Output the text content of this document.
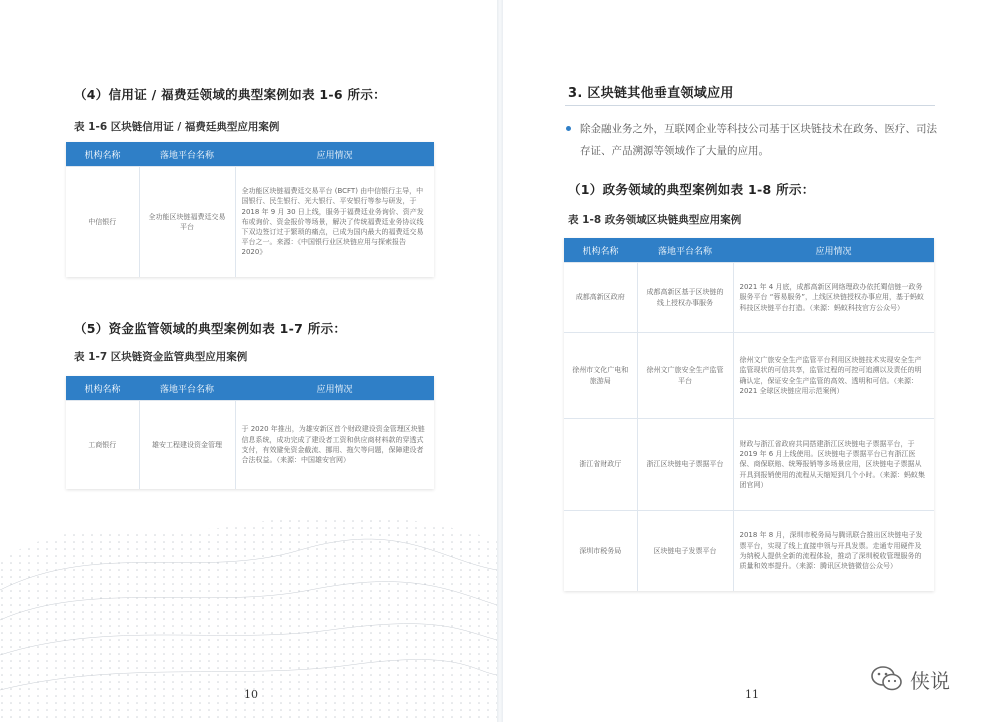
（4）信用证 / 福费廷领域的典型案例如表 1-6 所示：

表 1-6 区块链信用证 / 福费廷典型应用案例

机构名称	落地平台名称	应用情况
中信银行	全功能区块链福费廷交易平台	全功能区块链福费廷交易平台 (BCFT) 由中信银行主导，中国银行、民生银行、光大银行、平安银行等参与研发，于 2018 年 9 月 30 日上线，服务于福费廷业务询价、资产发布或询价、资金报价等场景，解决了传统福费廷业务协议线下双边签订过于繁琐的痛点，已成为国内最大的福费廷交易平台之一。来源：《中国银行业区块链应用与探索报告 2020》
（5）资金监管领域的典型案例如表 1-7 所示：

表 1-7 区块链资金监管典型应用案例

机构名称	落地平台名称	应用情况
工商银行	雄安工程建设资金管理	于 2020 年推出，为雄安新区首个财政建设资金管理区块链信息系统，成功完成了建设者工资和供应商材料款的穿透式支付，有效避免资金截流、挪用、拖欠等问题，保障建设者合法权益。（来源：中国雄安官网）
10
3. 区块链其他垂直领域应用

除金融业务之外，互联网企业等科技公司基于区块链技术在政务、医疗、司法存证、产品溯源等领域作了大量的应用。

（1）政务领域的典型案例如表 1-8 所示：

表 1-8 政务领域区块链典型应用案例

机构名称	落地平台名称	应用情况
成都高新区政府	成都高新区基于区块链的线上授权办事服务	2021 年 4 月底，成都高新区网络理政办依托蜀信链一政务服务平台 “蓉易服务”，上线区块链授权办事应用，基于蚂蚁科技区块链平台打造。（来源：蚂蚁科技官方公众号）
徐州市文化广电和旅游局	徐州文广旅安全生产监管平台	徐州文广旅安全生产监管平台利用区块链技术实现安全生产监管现状的可信共享，监管过程的可控可追溯以及责任的明确认定，保证安全生产监管的高效、透明和可信。（来源：2021 全球区块链应用示范案例）
浙江省财政厅	浙江区块链电子票据平台	财政与浙江省政府共同搭建浙江区块链电子票据平台，于 2019 年 6 月上线使用。区块链电子票据平台已有浙江医保、商保联赔、统筹报销等多场景应用，区块链电子票据从开具到报销使用的流程从天缩短到几个小时。（来源：蚂蚁集团官网）
深圳市税务局	区块链电子发票平台	2018 年 8 月，深圳市税务局与腾讯联合推出区块链电子发票平台，实现了线上直接申领与开具发票。走通专用硬件及为纳税人提供全新的流程体验，推动了深圳税收管理服务的质量和效率提升。（来源：腾讯区块链微信公众号）
11
侠说
